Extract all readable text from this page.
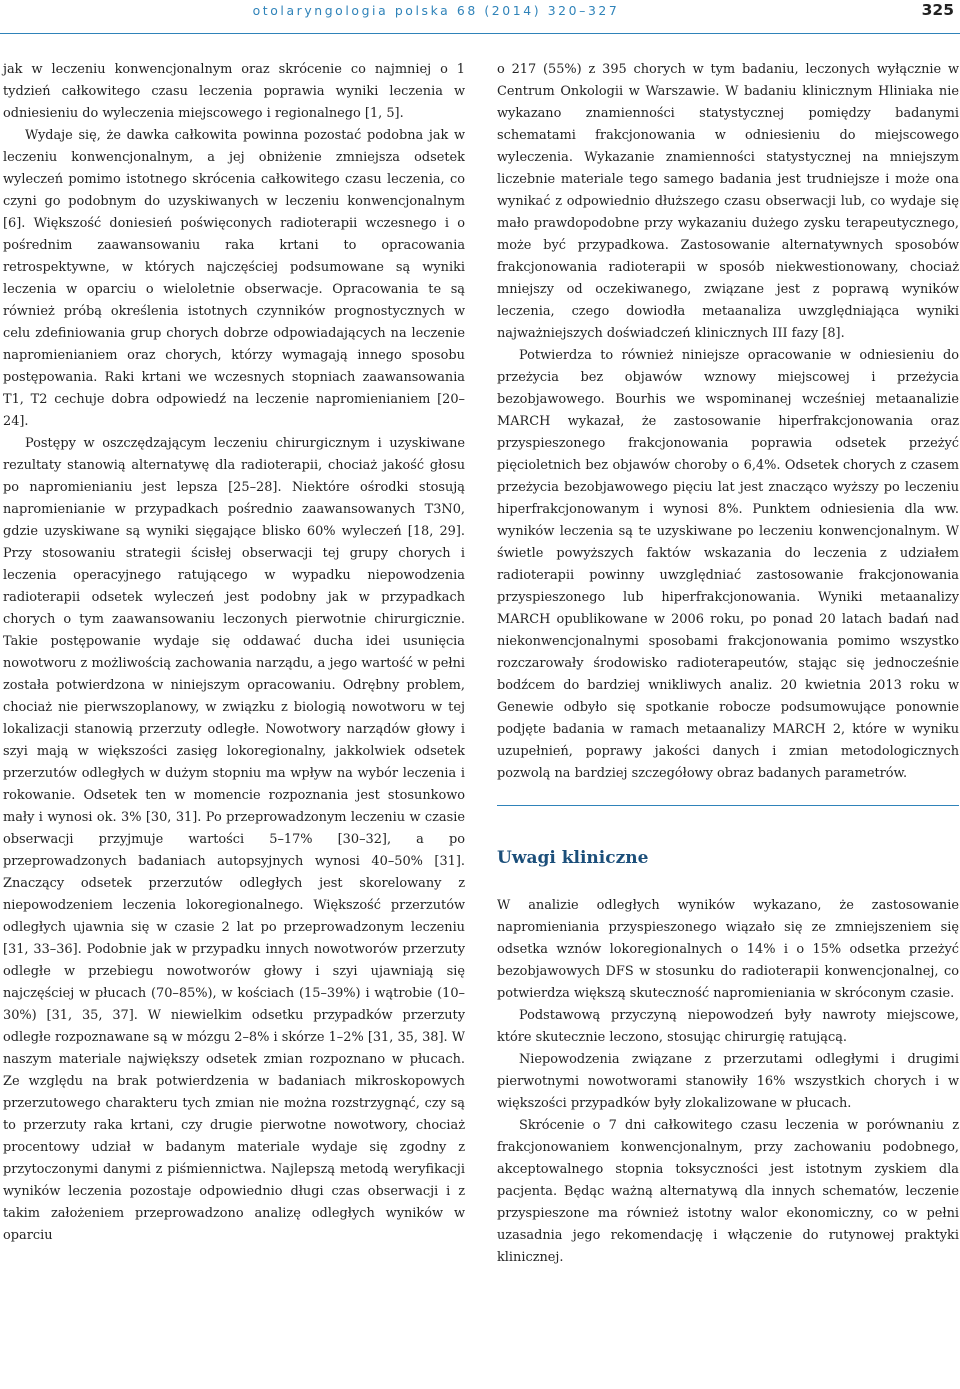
otolaryngologia polska 68 (2014) 320–327	325

jak w leczeniu konwencjonalnym oraz skrócenie co najmniej o 1 tydzień całkowitego czasu leczenia poprawia wyniki leczenia w odniesieniu do wyleczenia miejscowego i regionalnego [1, 5].

Wydaje się, że dawka całkowita powinna pozostać podobna jak w leczeniu konwencjonalnym, a jej obniżenie zmniejsza odsetek wyleczeń pomimo istotnego skrócenia całkowitego czasu leczenia, co czyni go podobnym do uzyskiwanych w leczeniu konwencjonalnym [6]. Większość doniesień poświęconych radioterapii wczesnego i o pośrednim zaawansowaniu raka krtani to opracowania retrospektywne, w których najczęściej podsumowane są wyniki leczenia w oparciu o wieloletnie obserwacje. Opracowania te są również próbą określenia istotnych czynników prognostycznych w celu zdefiniowania grup chorych dobrze odpowiadających na leczenie napromienianiem oraz chorych, którzy wymagają innego sposobu postępowania. Raki krtani we wczesnych stopniach zaawansowania T1, T2 cechuje dobra odpowiedź na leczenie napromienianiem [20–24].

Postępy w oszczędzającym leczeniu chirurgicznym i uzyskiwane rezultaty stanowią alternatywę dla radioterapii, chociaż jakość głosu po napromienianiu jest lepsza [25–28]. Niektóre ośrodki stosują napromienianie w przypadkach pośrednio zaawansowanych T3N0, gdzie uzyskiwane są wyniki sięgające blisko 60% wyleczeń [18, 29]. Przy stosowaniu strategii ścisłej obserwacji tej grupy chorych i leczenia operacyjnego ratującego w wypadku niepowodzenia radioterapii odsetek wyleczeń jest podobny jak w przypadkach chorych o tym zaawansowaniu leczonych pierwotnie chirurgicznie. Takie postępowanie wydaje się oddawać ducha idei usunięcia nowotworu z możliwością zachowania narządu, a jego wartość w pełni została potwierdzona w niniejszym opracowaniu. Odrębny problem, chociaż nie pierwszoplanowy, w związku z biologią nowotworu w tej lokalizacji stanowią przerzuty odległe. Nowotwory narządów głowy i szyi mają w większości zasięg lokoregionalny, jakkolwiek odsetek przerzutów odległych w dużym stopniu ma wpływ na wybór leczenia i rokowanie. Odsetek ten w momencie rozpoznania jest stosunkowo mały i wynosi ok. 3% [30, 31]. Po przeprowadzonym leczeniu w czasie obserwacji przyjmuje wartości 5–17% [30–32], a po przeprowadzonych badaniach autopsyjnych wynosi 40–50% [31]. Znaczący odsetek przerzutów odległych jest skorelowany z niepowodzeniem leczenia lokoregionalnego. Większość przerzutów odległych ujawnia się w czasie 2 lat po przeprowadzonym leczeniu [31, 33–36]. Podobnie jak w przypadku innych nowotworów przerzuty odległe w przebiegu nowotworów głowy i szyi ujawniają się najczęściej w płucach (70–85%), w kościach (15–39%) i wątrobie (10–30%) [31, 35, 37]. W niewielkim odsetku przypadków przerzuty odległe rozpoznawane są w mózgu 2–8% i skórze 1–2% [31, 35, 38]. W naszym materiale największy odsetek zmian rozpoznano w płucach. Ze względu na brak potwierdzenia w badaniach mikroskopowych przerzutowego charakteru tych zmian nie można rozstrzygnąć, czy są to przerzuty raka krtani, czy drugie pierwotne nowotwory, chociaż procentowy udział w badanym materiale wydaje się zgodny z przytoczonymi danymi z piśmiennictwa. Najlepszą metodą weryfikacji wyników leczenia pozostaje odpowiednio długi czas obserwacji i z takim założeniem przeprowadzono analizę odległych wyników w oparciu

o 217 (55%) z 395 chorych w tym badaniu, leczonych wyłącznie w Centrum Onkologii w Warszawie. W badaniu klinicznym Hliniaka nie wykazano znamienności statystycznej pomiędzy badanymi schematami frakcjonowania w odniesieniu do miejscowego wyleczenia. Wykazanie znamienności statystycznej na mniejszym liczebnie materiale tego samego badania jest trudniejsze i może ona wynikać z odpowiednio dłuższego czasu obserwacji lub, co wydaje się mało prawdopodobne przy wykazaniu dużego zysku terapeutycznego, może być przypadkowa. Zastosowanie alternatywnych sposobów frakcjonowania radioterapii w sposób niekwestionowany, chociaż mniejszy od oczekiwanego, związane jest z poprawą wyników leczenia, czego dowiodła metaanaliza uwzględniająca wyniki najważniejszych doświadczeń klinicznych III fazy [8].

Potwierdza to również niniejsze opracowanie w odniesieniu do przeżycia bez objawów wznowy miejscowej i przeżycia bezobjawowego. Bourhis we wspominanej wcześniej metaanalizie MARCH wykazał, że zastosowanie hiperfrakcjonowania oraz przyspieszonego frakcjonowania poprawia odsetek przeżyć pięcioletnich bez objawów choroby o 6,4%. Odsetek chorych z czasem przeżycia bezobjawowego pięciu lat jest znacząco wyższy po leczeniu hiperfrakcjonowanym i wynosi 8%. Punktem odniesienia dla ww. wyników leczenia są te uzyskiwane po leczeniu konwencjonalnym. W świetle powyższych faktów wskazania do leczenia z udziałem radioterapii powinny uwzględniać zastosowanie frakcjonowania przyspieszonego lub hiperfrakcjonowania. Wyniki metaanalizy MARCH opublikowane w 2006 roku, po ponad 20 latach badań nad niekonwencjonalnymi sposobami frakcjonowania pomimo wszystko rozczarowały środowisko radioterapeutów, stając się jednocześnie bodźcem do bardziej wnikliwych analiz. 20 kwietnia 2013 roku w Genewie odbyło się spotkanie robocze podsumowujące ponownie podjęte badania w ramach metaanalizy MARCH 2, które w wyniku uzupełnień, poprawy jakości danych i zmian metodologicznych pozwolą na bardziej szczegółowy obraz badanych parametrów.

Uwagi kliniczne

W analizie odległych wyników wykazano, że zastosowanie napromieniania przyspieszonego wiązało się ze zmniejszeniem się odsetka wznów lokoregionalnych o 14% i o 15% odsetka przeżyć bezobjawowych DFS w stosunku do radioterapii konwencjonalnej, co potwierdza większą skuteczność napromieniania w skróconym czasie.

Podstawową przyczyną niepowodzeń były nawroty miejscowe, które skutecznie leczono, stosując chirurgię ratującą.

Niepowodzenia związane z przerzutami odległymi i drugimi pierwotnymi nowotworami stanowiły 16% wszystkich chorych i w większości przypadków były zlokalizowane w płucach.

Skrócenie o 7 dni całkowitego czasu leczenia w porównaniu z frakcjonowaniem konwencjonalnym, przy zachowaniu podobnego, akceptowalnego stopnia toksyczności jest istotnym zyskiem dla pacjenta. Będąc ważną alternatywą dla innych schematów, leczenie przyspieszone ma również istotny walor ekonomiczny, co w pełni uzasadnia jego rekomendację i włączenie do rutynowej praktyki klinicznej.
